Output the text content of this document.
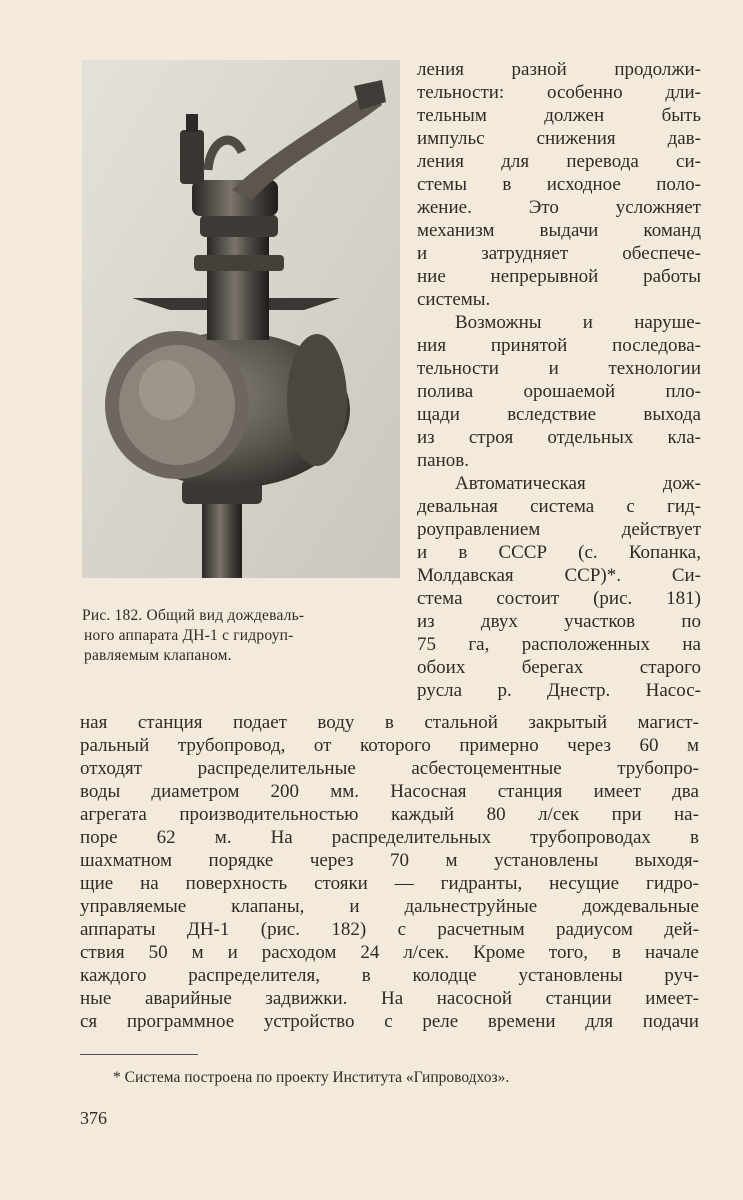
Рис. 182. Общий вид дождеваль-
ного аппарата ДН-1 с гидроуп-
равляемым клапаном.
ления	разной	продолжи-
тельности: особенно дли-
тельным	должен	быть
импульс	снижения	дав-
ления для перевода си-
стемы в исходное поло-
жение.	Это	усложняет
механизм выдачи команд
и	затрудняет	обеспече-
ние непрерывной работы
системы.
Возможны и наруше-
ния принятой последова-
тельности	и	технологии
полива	орошаемой	пло-
щади вследствие выхода
из строя отдельных кла-
панов.
Автоматическая	дож-
девальная система с гид-
роуправлением	действует
и в СССР (с. Копанка,
Молдавская	ССР)*.	Си-
стема состоит (рис. 181)
из двух участков по
75 га, расположенных на
обоих	берегах	старого
русла р. Днестр. Насос-
ная станция подает воду в стальной закрытый магист-
ральный трубопровод, от которого примерно через 60 м
отходят	распределительные	асбестоцементные	трубопро-
воды диаметром 200 мм. Насосная станция имеет два
агрегата производительностью каждый 80 л/сек при на-
поре 62 м. На распределительных трубопроводах в
шахматном порядке через 70 м установлены выходя-
щие на поверхность стояки — гидранты, несущие гидро-
управляемые клапаны, и дальнеструйные дождевальные
аппараты ДН-1 (рис. 182) с расчетным радиусом дей-
ствия 50 м и расходом 24 л/сек. Кроме того, в начале
каждого распределителя, в колодце установлены руч-
ные аварийные задвижки. На насосной станции имеет-
ся программное устройство с реле времени для подачи
* Система построена по проекту Института «Гипроводхоз».
376
